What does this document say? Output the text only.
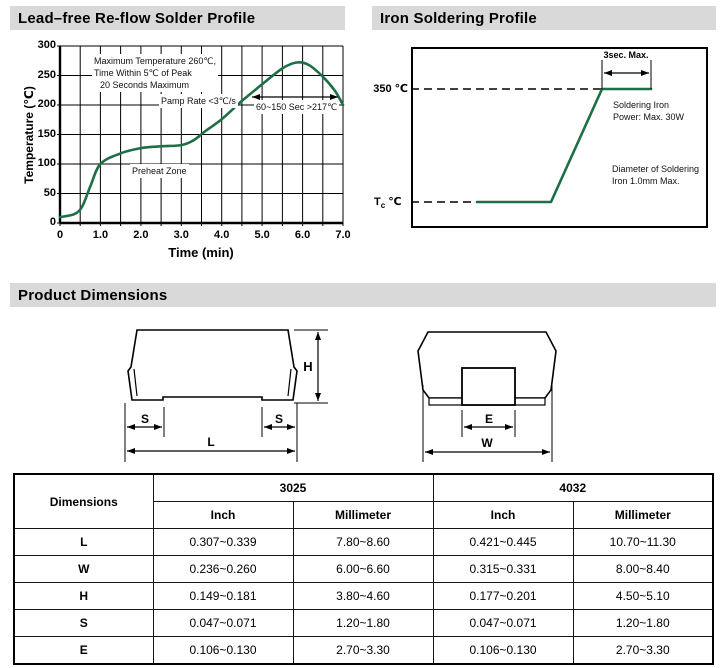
Lead–free Re-flow Solder Profile	Iron Soldering Profile
Product Dimensions
Temperature (℃)
Maximum Temperature 260℃,
Time Within 5℃ of Peak
20 Seconds Maximum
Pamp Rate <3℃/s
Preheat Zone
60~150 Sec >217℃
Time (min)
350 ℃
$T_c$ ℃
3sec. Max.
Soldering Iron
Power: Max. 30W
Diameter of Soldering
Iron 1.0mm Max.
H
S	S
L
E
W
Dimensions	3025		4032	
	Inch	Millimeter	Inch	Millimeter
L	0.307~0.339	7.80~8.60	0.421~0.445	10.70~11.30
W	0.236~0.260	6.00~6.60	0.315~0.331	8.00~8.40
H	0.149~0.181	3.80~4.60	0.177~0.201	4.50~5.10
S	0.047~0.071	1.20~1.80	0.047~0.071	1.20~1.80
E	0.106~0.130	2.70~3.30	0.106~0.130	2.70~3.30
0
50
100
150
200
250
300
0	1.0	2.0	3.0	4.0	5.0	6.0	7.0
